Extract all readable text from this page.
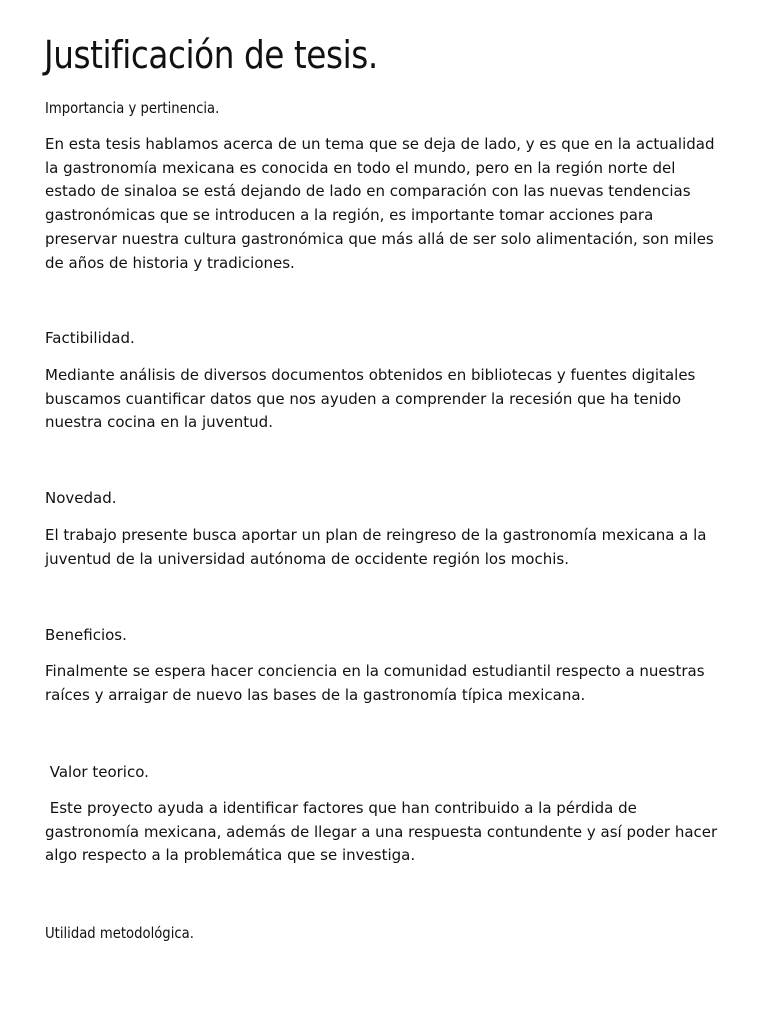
Justificación de tesis.

Importancia y pertinencia.

En esta tesis hablamos acerca de un tema que se deja de lado, y es que en la actualidad
la gastronomía mexicana es conocida en todo el mundo, pero en la región norte del
estado de sinaloa se está dejando de lado en comparación con las nuevas tendencias
gastronómicas que se introducen a la región, es importante tomar acciones para
preservar nuestra cultura gastronómica que más allá de ser solo alimentación, son miles
de años de historia y tradiciones.

Factibilidad.

Mediante análisis de diversos documentos obtenidos en bibliotecas y fuentes digitales
buscamos cuantificar datos que nos ayuden a comprender la recesión que ha tenido
nuestra cocina en la juventud.

Novedad.

El trabajo presente busca aportar un plan de reingreso de la gastronomía mexicana a la
juventud de la universidad autónoma de occidente región los mochis.

Beneficios.

Finalmente se espera hacer conciencia en la comunidad estudiantil respecto a nuestras
raíces y arraigar de nuevo las bases de la gastronomía típica mexicana.

Valor teorico.

Este proyecto ayuda a identificar factores que han contribuido a la pérdida de
gastronomía mexicana, además de llegar a una respuesta contundente y así poder hacer
algo respecto a la problemática que se investiga.

Utilidad metodológica.
